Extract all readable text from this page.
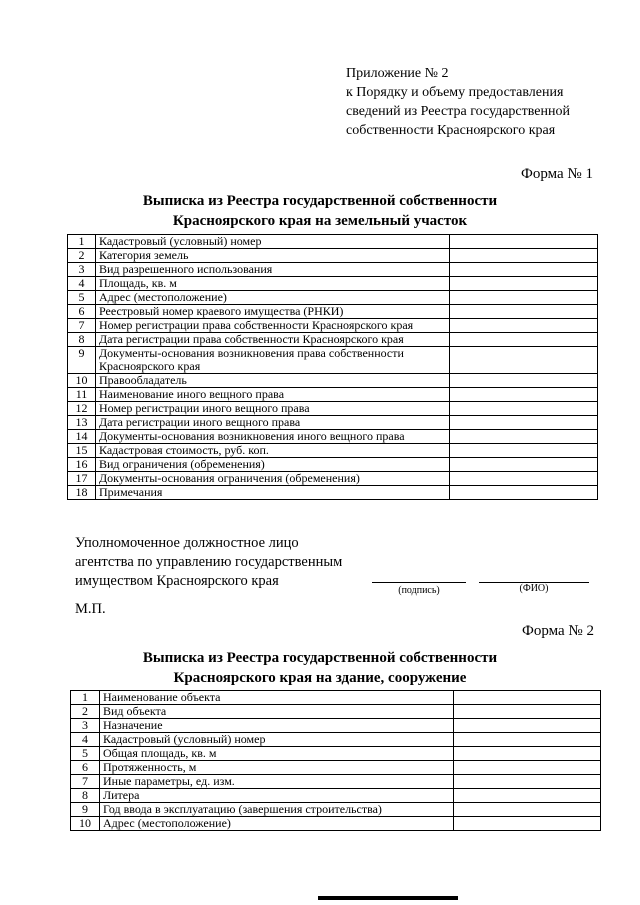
Приложение № 2
к Порядку и объему предоставления
сведений из Реестра государственной
собственности Красноярского края
Форма № 1
Выписка из Реестра государственной собственности
Красноярского края на земельный участок
1	Кадастровый (условный) номер	
2	Категория земель	
3	Вид разрешенного использования	
4	Площадь, кв. м	
5	Адрес (местоположение)	
6	Реестровый номер краевого имущества (РНКИ)	
7	Номер регистрации права собственности Красноярского края	
8	Дата регистрации права собственности Красноярского края	
9	Документы-основания возникновения права собственности Красноярского края	
10	Правообладатель	
11	Наименование иного вещного права	
12	Номер регистрации иного вещного права	
13	Дата регистрации иного вещного права	
14	Документы-основания возникновения иного вещного права	
15	Кадастровая стоимость, руб. коп.	
16	Вид ограничения (обременения)	
17	Документы-основания ограничения (обременения)	
18	Примечания	
Уполномоченное должностное лицо
агентства по управлению государственным
имуществом Красноярского края
(подпись)	(ФИО)
М.П.
Форма № 2
Выписка из Реестра государственной собственности
Красноярского края на здание, сооружение
1	Наименование объекта	
2	Вид объекта	
3	Назначение	
4	Кадастровый (условный) номер	
5	Общая площадь, кв. м	
6	Протяженность, м	
7	Иные параметры, ед. изм.	
8	Литера	
9	Год ввода в эксплуатацию (завершения строительства)	
10	Адрес (местоположение)	
